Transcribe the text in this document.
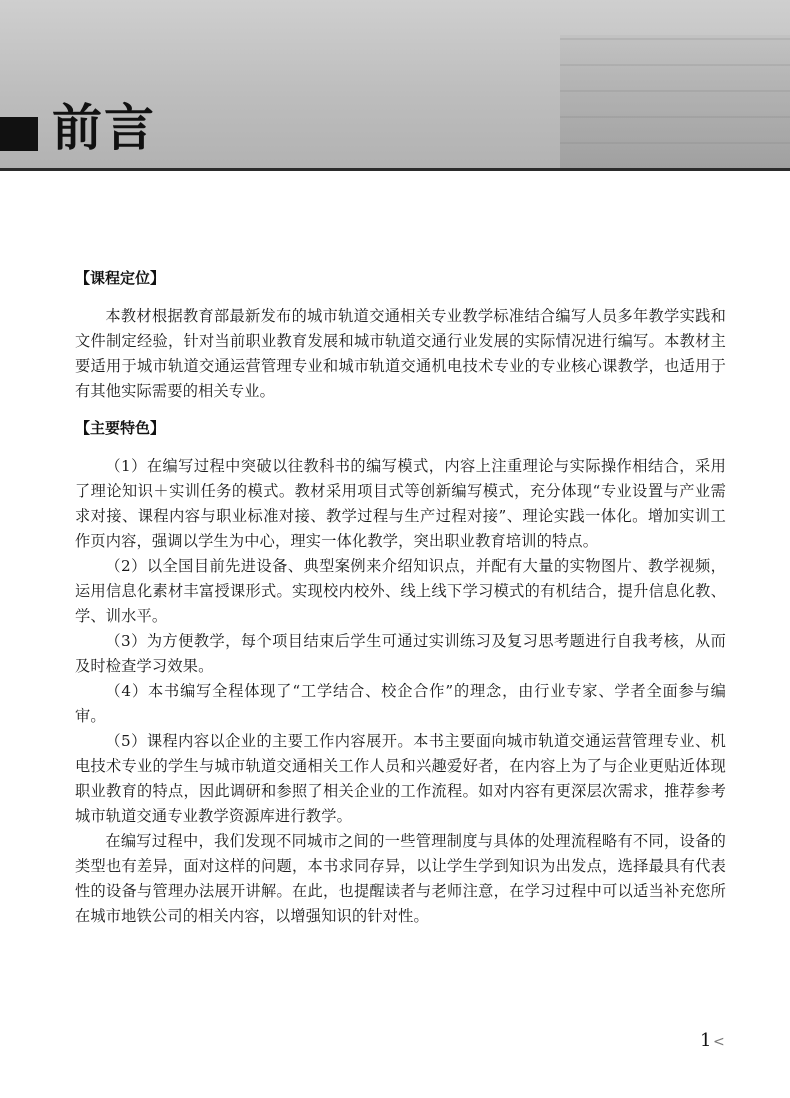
前言
【课程定位】

本教材根据教育部最新发布的城市轨道交通相关专业教学标准结合编写人员多年教学实践和文件制定经验，针对当前职业教育发展和城市轨道交通行业发展的实际情况进行编写。本教材主要适用于城市轨道交通运营管理专业和城市轨道交通机电技术专业的专业核心课教学，也适用于有其他实际需要的相关专业。

【主要特色】

（1）在编写过程中突破以往教科书的编写模式，内容上注重理论与实际操作相结合，采用了理论知识＋实训任务的模式。教材采用项目式等创新编写模式，充分体现“专业设置与产业需求对接、课程内容与职业标准对接、教学过程与生产过程对接”、理论实践一体化。增加实训工作页内容，强调以学生为中心，理实一体化教学，突出职业教育培训的特点。

（2）以全国目前先进设备、典型案例来介绍知识点，并配有大量的实物图片、教学视频，运用信息化素材丰富授课形式。实现校内校外、线上线下学习模式的有机结合，提升信息化教、学、训水平。

（3）为方便教学，每个项目结束后学生可通过实训练习及复习思考题进行自我考核，从而及时检查学习效果。

（4）本书编写全程体现了“工学结合、校企合作”的理念，由行业专家、学者全面参与编审。

（5）课程内容以企业的主要工作内容展开。本书主要面向城市轨道交通运营管理专业、机电技术专业的学生与城市轨道交通相关工作人员和兴趣爱好者，在内容上为了与企业更贴近体现职业教育的特点，因此调研和参照了相关企业的工作流程。如对内容有更深层次需求，推荐参考城市轨道交通专业教学资源库进行教学。

在编写过程中，我们发现不同城市之间的一些管理制度与具体的处理流程略有不同，设备的类型也有差异，面对这样的问题，本书求同存异，以让学生学到知识为出发点，选择最具有代表性的设备与管理办法展开讲解。在此，也提醒读者与老师注意，在学习过程中可以适当补充您所在城市地铁公司的相关内容，以增强知识的针对性。

1 <
